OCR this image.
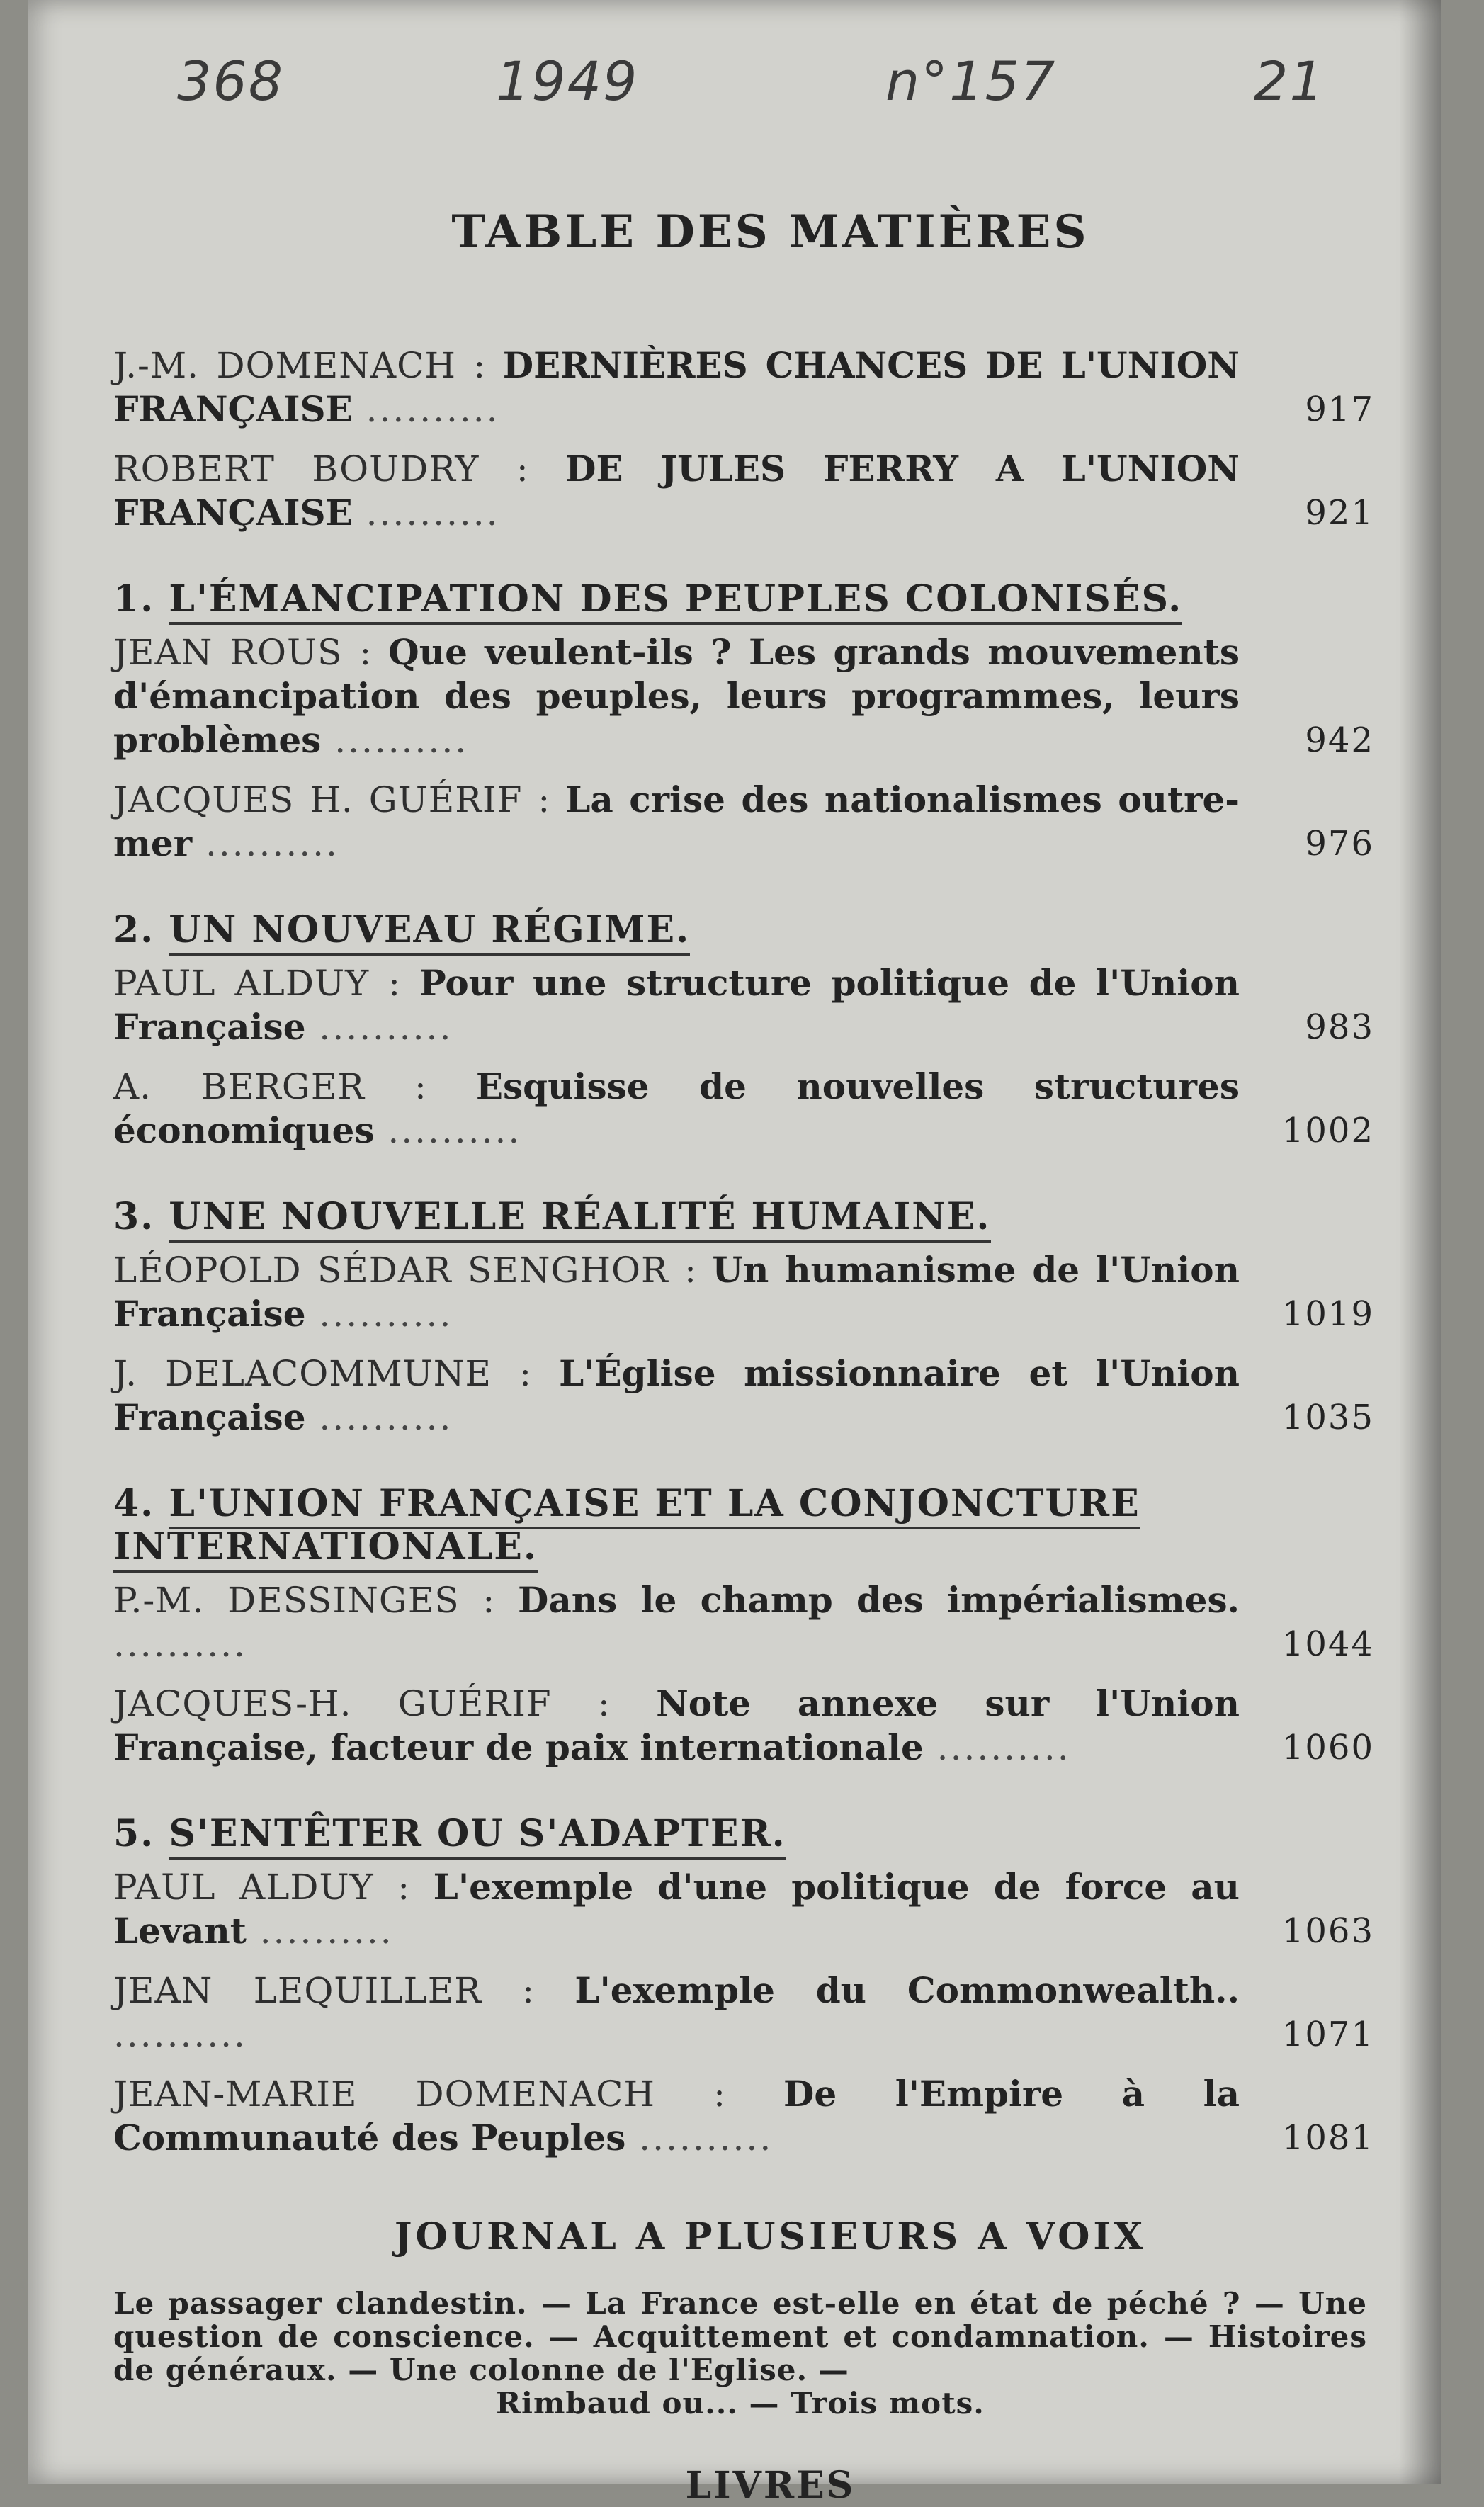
368	1949	n°157	21
TABLE DES MATIÈRES
J.-M. DOMENACH : DERNIÈRES CHANCES DE L'UNION FRANÇAISE ..........	917
ROBERT BOUDRY : DE JULES FERRY A L'UNION FRANÇAISE ..........	921
1. L'ÉMANCIPATION DES PEUPLES COLONISÉS.
JEAN ROUS : Que veulent-ils ? Les grands mouvements d'émancipation des peuples, leurs programmes, leurs problèmes ..........	942
JACQUES H. GUÉRIF : La crise des nationalismes outre-mer ..........	976
2. UN NOUVEAU RÉGIME.
PAUL ALDUY : Pour une structure politique de l'Union Française ..........	983
A. BERGER : Esquisse de nouvelles structures économiques ..........	1002
3. UNE NOUVELLE RÉALITÉ HUMAINE.
LÉOPOLD SÉDAR SENGHOR : Un humanisme de l'Union Française ..........	1019
J. DELACOMMUNE : L'Église missionnaire et l'Union Française ..........	1035
4. L'UNION FRANÇAISE ET LA CONJONCTURE INTERNATIONALE.
P.-M. DESSINGES : Dans le champ des impérialismes. ..........	1044
JACQUES-H. GUÉRIF : Note annexe sur l'Union Française, facteur de paix internationale ..........	1060
5. S'ENTÊTER OU S'ADAPTER.
PAUL ALDUY : L'exemple d'une politique de force au Levant ..........	1063
JEAN LEQUILLER : L'exemple du Commonwealth.. ..........	1071
JEAN-MARIE DOMENACH : De l'Empire à la Communauté des Peuples ..........	1081
JOURNAL A PLUSIEURS A VOIX
Le passager clandestin. — La France est-elle en état de péché ? — Une question de conscience. — Acquittement et condamnation. — Histoires de généraux. — Une colonne de l'Eglise. —
Rimbaud ou... — Trois mots.
LIVRES
